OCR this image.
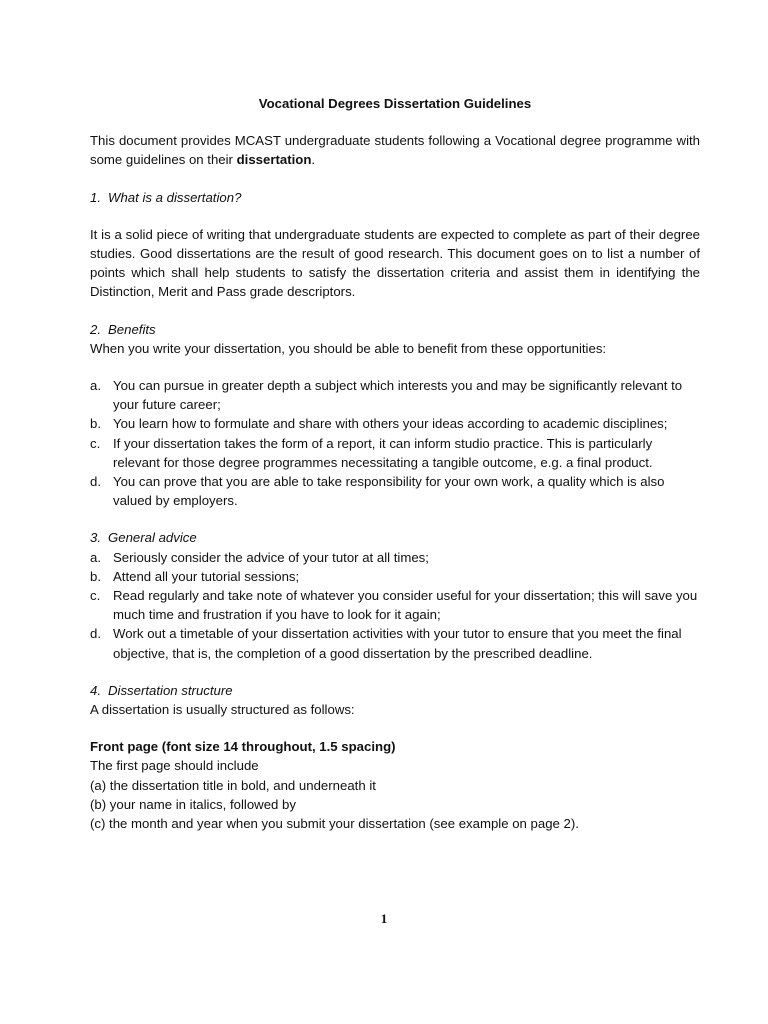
Vocational Degrees Dissertation Guidelines

This document provides MCAST undergraduate students following a Vocational degree programme with some guidelines on their dissertation.

1. What is a dissertation?

It is a solid piece of writing that undergraduate students are expected to complete as part of their degree studies. Good dissertations are the result of good research. This document goes on to list a number of points which shall help students to satisfy the dissertation criteria and assist them in identifying the Distinction, Merit and Pass grade descriptors.

2. Benefits

When you write your dissertation, you should be able to benefit from these opportunities:

a. You can pursue in greater depth a subject which interests you and may be significantly relevant to your future career;
b. You learn how to formulate and share with others your ideas according to academic disciplines;
c. If your dissertation takes the form of a report, it can inform studio practice. This is particularly relevant for those degree programmes necessitating a tangible outcome, e.g. a final product.
d. You can prove that you are able to take responsibility for your own work, a quality which is also valued by employers.

3. General advice

a. Seriously consider the advice of your tutor at all times;
b. Attend all your tutorial sessions;
c. Read regularly and take note of whatever you consider useful for your dissertation; this will save you much time and frustration if you have to look for it again;
d. Work out a timetable of your dissertation activities with your tutor to ensure that you meet the final objective, that is, the completion of a good dissertation by the prescribed deadline.

4. Dissertation structure

A dissertation is usually structured as follows:

Front page (font size 14 throughout, 1.5 spacing)

The first page should include

(a) the dissertation title in bold, and underneath it

(b) your name in italics, followed by

(c) the month and year when you submit your dissertation (see example on page 2).

1
